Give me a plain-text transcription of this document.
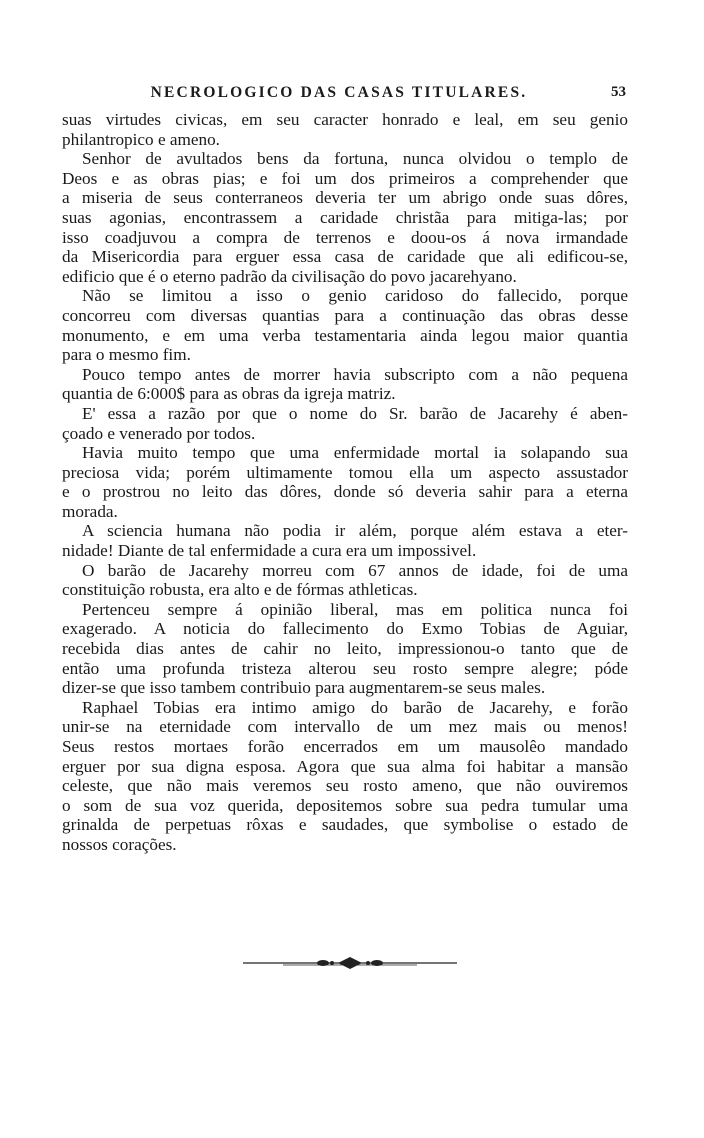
NECROLOGICO DAS CASAS TITULARES.	53
suas virtudes civicas, em seu caracter honrado e leal, em seu genio
philantropico e ameno.
Senhor de avultados bens da fortuna, nunca olvidou o templo de
Deos e as obras pias; e foi um dos primeiros a comprehender que
a miseria de seus conterraneos deveria ter um abrigo onde suas dôres,
suas agonias, encontrassem a caridade christãa para mitiga-las; por
isso coadjuvou a compra de terrenos e doou-os á nova irmandade
da Misericordia para erguer essa casa de caridade que ali edificou-se,
edificio que é o eterno padrão da civilisação do povo jacarehyano.
Não se limitou a isso o genio caridoso do fallecido, porque
concorreu com diversas quantias para a continuação das obras desse
monumento, e em uma verba testamentaria ainda legou maior quantia
para o mesmo fim.
Pouco tempo antes de morrer havia subscripto com a não pequena
quantia de 6:000$ para as obras da igreja matriz.
E' essa a razão por que o nome do Sr. barão de Jacarehy é aben-
çoado e venerado por todos.
Havia muito tempo que uma enfermidade mortal ia solapando sua
preciosa vida; porém ultimamente tomou ella um aspecto assustador
e o prostrou no leito das dôres, donde só deveria sahir para a eterna
morada.
A sciencia humana não podia ir além, porque além estava a eter-
nidade! Diante de tal enfermidade a cura era um impossivel.
O barão de Jacarehy morreu com 67 annos de idade, foi de uma
constituição robusta, era alto e de fórmas athleticas.
Pertenceu sempre á opinião liberal, mas em politica nunca foi
exagerado. A noticia do fallecimento do Exmo Tobias de Aguiar,
recebida dias antes de cahir no leito, impressionou-o tanto que de
então uma profunda tristeza alterou seu rosto sempre alegre; póde
dizer-se que isso tambem contribuio para augmentarem-se seus males.
Raphael Tobias era intimo amigo do barão de Jacarehy, e forão
unir-se na eternidade com intervallo de um mez mais ou menos!
Seus restos mortaes forão encerrados em um mausolêo mandado
erguer por sua digna esposa. Agora que sua alma foi habitar a mansão
celeste, que não mais veremos seu rosto ameno, que não ouviremos
o som de sua voz querida, depositemos sobre sua pedra tumular uma
grinalda de perpetuas rôxas e saudades, que symbolise o estado de
nossos corações.
